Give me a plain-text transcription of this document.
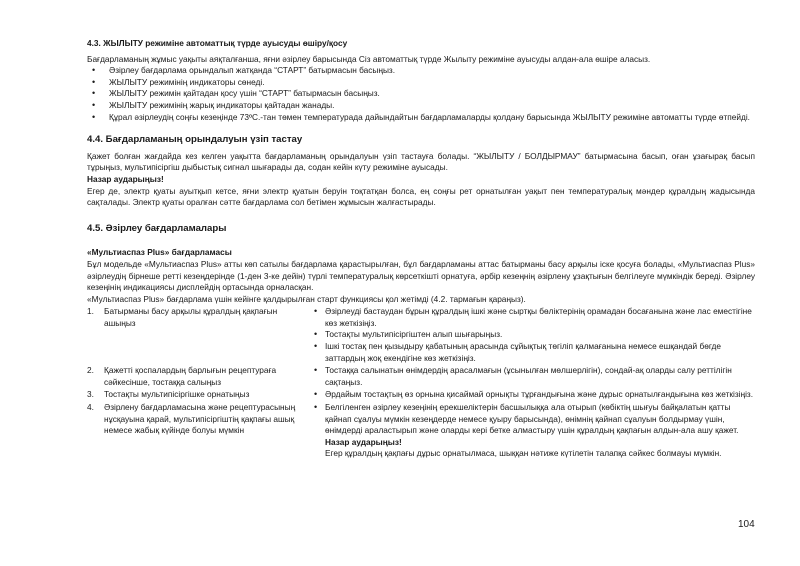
4.3. ЖЫЛЫТУ режиміне автоматтық түрде ауысуды өшіру/қосу

Бағдарламаның жұмыс уақыты аяқталғанша, яғни әзірлеу барысында Сіз автоматтық түрде Жылыту режиміне ауысуды алдан-ала өшіре аласыз.

• Әзірлеу бағдарлама орындалып жатқанда “СТАРТ” батырмасын басыңыз.
• ЖЫЛЫТУ режимінің индикаторы сөнеді.
• ЖЫЛЫТУ режимін қайтадан қосу үшін “СТАРТ” батырмасын басыңыз.
• ЖЫЛЫТУ режимінің жарық индикаторы қайтадан жанады.
• Құрал әзірлеудің соңғы кезеңінде 73ºС.-тан төмен температурада дайындайтын бағдарламаларды қолдану барысында ЖЫЛЫТУ режиміне автоматты түрде өтпейді.
4.4. Бағдарламаның орындалуын үзіп тастау

Қажет болған жағдайда кез келген уақытта бағдарламаның орындалуын үзіп тастауға болады. “ЖЫЛЫТУ / БОЛДЫРМАУ” батырмасына басып, оған ұзағырақ басып тұрыңыз, мультипісіргіш дыбыстық сигнал шығарады да, содан кейін күту режиміне ауысады.

Назар аударыңыз!

Егер де, электр қуаты ауытқып кетсе, яғни электр қуатын беруін тоқтатқан болса, ең соңғы рет орнатылған уақыт пен температуралық мәндер құралдың жадысында сақталады. Электр қуаты оралған сәтте бағдарлама сол бетімен жұмысын жалғастырады.

4.5. Әзірлеу бағдарламалары

«Мультиаспаз Plus» бағдарламасы

Бұл модельде «Мультиаспаз Plus» атты көп сатылы бағдарлама қарастырылған, бұл бағдарламаны аттас батырманы басу арқылы іске қосуға болады, «Мультиаспаз Plus» әзірлеудің бірнеше ретті кезеңдерінде (1-ден 3-ке дейін) түрлі температуралық көрсеткішті орнатуға, әрбір кезеңнің әзірлену ұзақтығын белгілеуге мүмкіндік береді. Әзірлеу кезеңінің индикациясы дисплейдің ортасында орналасқан.

«Мультиаспаз Plus» бағдарлама үшін кейінге қалдырылған старт функциясы қол жетімді (4.2. тармағын қараңыз).

1.	Батырманы басу арқылы құралдың қақпағын ашыңыз
• Әзірлеуді бастаудан бұрын құралдың ішкі және сыртқы бөліктерінің орамадан босағанына және лас еместігіне көз жеткізіңіз.
• Тостақты мультипісіргіштен алып шығарыңыз.
• Ішкі тостақ пен қызыдыру қабатының арасында сұйықтық төгіліп қалмағанына немесе ешқандай бөгде заттардың жоқ екендігіне көз жеткізіңіз.
2.	Қажетті қоспалардың барлығын рецептураға сәйкесінше, тостаққа салыңыз
• Тостаққа салынатын өнімдердің арасалмағын (ұсынылған мөлшерлігін), сондай-ақ оларды салу реттілігін сақтаңыз.
3.	Тостақты мультипісіргішке орнатыңыз
•	Әрдайым тостақтың өз орнына қисаймай орнықты тұрғандығына және дұрыс орнатылғандығына көз жеткізіңіз.
4.	Әзірлену бағдарламасына және рецептурасының нұсқауына қарай, мультипісіргіштің қақпағы ашық немесе жабық күйінде болуы мүмкін
• Белгіленген әзірлеу кезеңінің ерекшеліктерін басшылыққа ала отырып (көбіктің шығуы байқалатын қатты қайнап сұалуы мүмкін кезеңдерде немесе қуыру барысында), өнімнің қайнап сұалуын болдырмау үшін, өнімдерді араластырып және оларды кері бетке алмастыру үшін құралдың қақпағын алдын-ала ашу қажет.
Назар аударыңыз!
Егер құралдың қақпағы дұрыс орнатылмаса, шыққан нәтиже күтілетін талапқа сәйкес болмауы мүмкін.
104
